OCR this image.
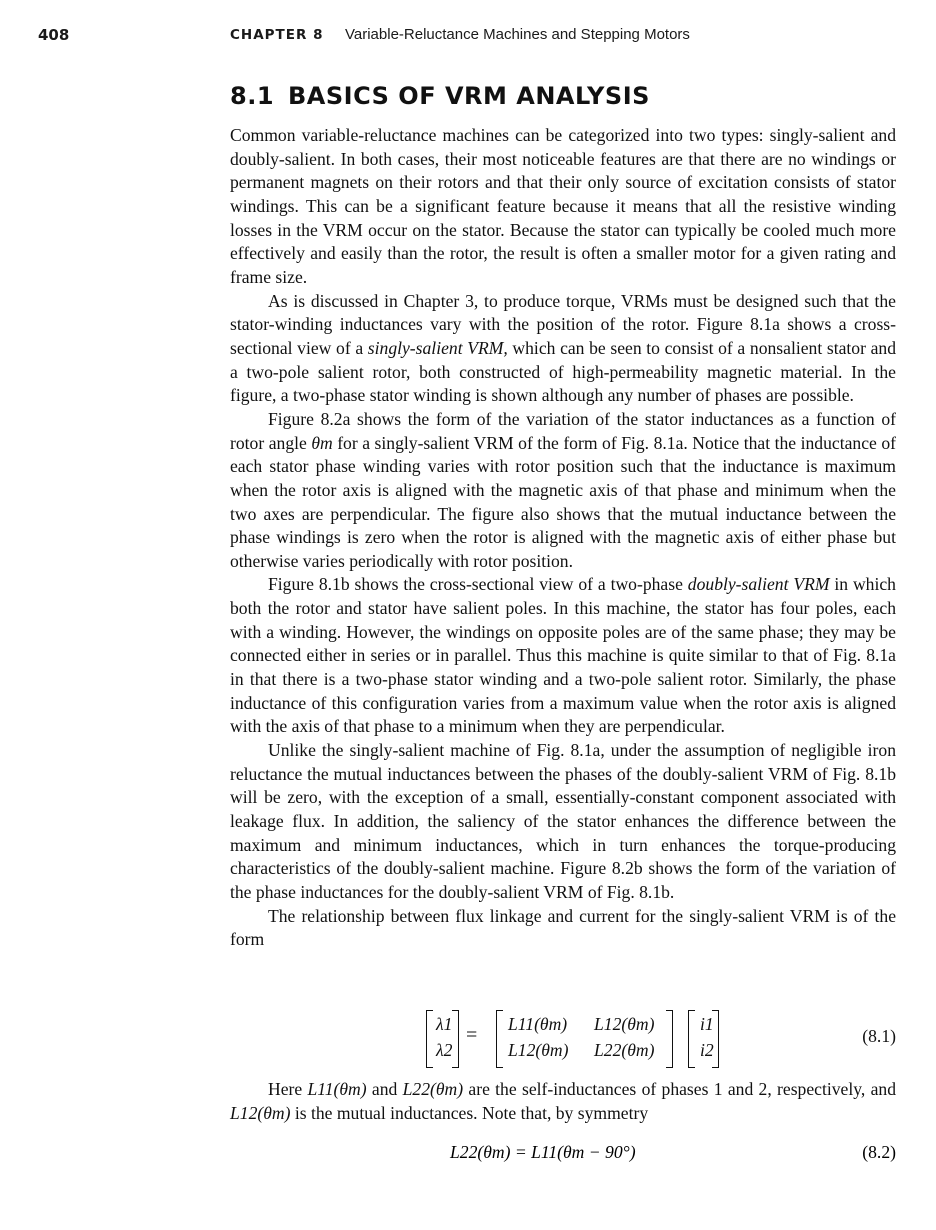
408	CHAPTER 8 Variable-Reluctance Machines and Stepping Motors
8.1 BASICS OF VRM ANALYSIS

Common variable-reluctance machines can be categorized into two types: singly-salient and doubly-salient. In both cases, their most noticeable features are that there are no windings or permanent magnets on their rotors and that their only source of excitation consists of stator windings. This can be a significant feature because it means that all the resistive winding losses in the VRM occur on the stator. Because the stator can typically be cooled much more effectively and easily than the rotor, the result is often a smaller motor for a given rating and frame size.

As is discussed in Chapter 3, to produce torque, VRMs must be designed such that the stator-winding inductances vary with the position of the rotor. Figure 8.1a shows a cross-sectional view of a singly-salient VRM, which can be seen to consist of a nonsalient stator and a two-pole salient rotor, both constructed of high-permeability magnetic material. In the figure, a two-phase stator winding is shown although any number of phases are possible.

Figure 8.2a shows the form of the variation of the stator inductances as a function of rotor angle θm for a singly-salient VRM of the form of Fig. 8.1a. Notice that the inductance of each stator phase winding varies with rotor position such that the inductance is maximum when the rotor axis is aligned with the magnetic axis of that phase and minimum when the two axes are perpendicular. The figure also shows that the mutual inductance between the phase windings is zero when the rotor is aligned with the magnetic axis of either phase but otherwise varies periodically with rotor position.

Figure 8.1b shows the cross-sectional view of a two-phase doubly-salient VRM in which both the rotor and stator have salient poles. In this machine, the stator has four poles, each with a winding. However, the windings on opposite poles are of the same phase; they may be connected either in series or in parallel. Thus this machine is quite similar to that of Fig. 8.1a in that there is a two-phase stator winding and a two-pole salient rotor. Similarly, the phase inductance of this configuration varies from a maximum value when the rotor axis is aligned with the axis of that phase to a minimum when they are perpendicular.

Unlike the singly-salient machine of Fig. 8.1a, under the assumption of negligible iron reluctance the mutual inductances between the phases of the doubly-salient VRM of Fig. 8.1b will be zero, with the exception of a small, essentially-constant component associated with leakage flux. In addition, the saliency of the stator enhances the difference between the maximum and minimum inductances, which in turn enhances the torque-producing characteristics of the doubly-salient machine. Figure 8.2b shows the form of the variation of the phase inductances for the doubly-salient VRM of Fig. 8.1b.

The relationship between flux linkage and current for the singly-salient VRM is of the form

λ1
λ2
= L11(θm) L12(θm)
L12(θm) L22(θm)
i1
i2
(8.1)

Here L11(θm) and L22(θm) are the self-inductances of phases 1 and 2, respectively, and L12(θm) is the mutual inductances. Note that, by symmetry

L22(θm) = L11(θm − 90°)	(8.2)
